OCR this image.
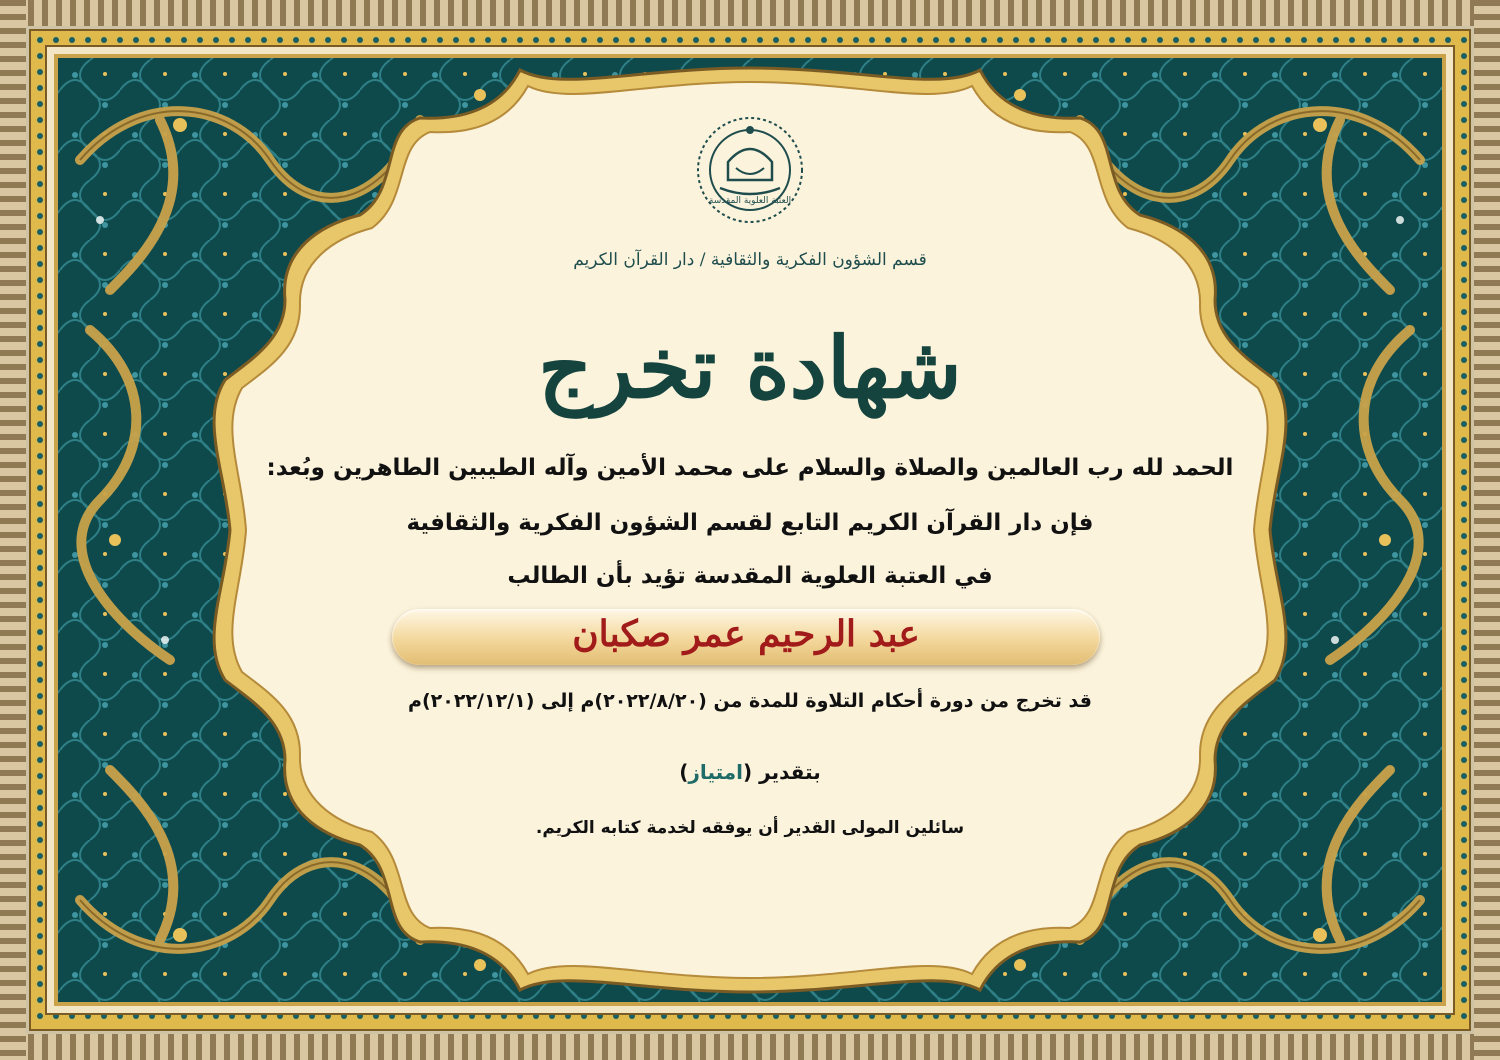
العتبة العلوية المقدسة
قسم الشؤون الفكرية والثقافية / دار القرآن الكريم
شهادة تخرج
الحمد لله رب العالمين والصلاة والسلام على محمد الأمين وآله الطيبين الطاهرين وبُعد:
فإن دار القرآن الكريم التابع لقسم الشؤون الفكرية والثقافية
في العتبة العلوية المقدسة تؤيد بأن الطالب
عبد الرحيم عمر صكبان
قد تخرج من دورة أحكام التلاوة للمدة من (٢٠٢٢/٨/٢٠)م إلى (٢٠٢٢/١٢/١)م
بتقدير (امتياز)
سائلين المولى القدير أن يوفقه لخدمة كتابه الكريم.
